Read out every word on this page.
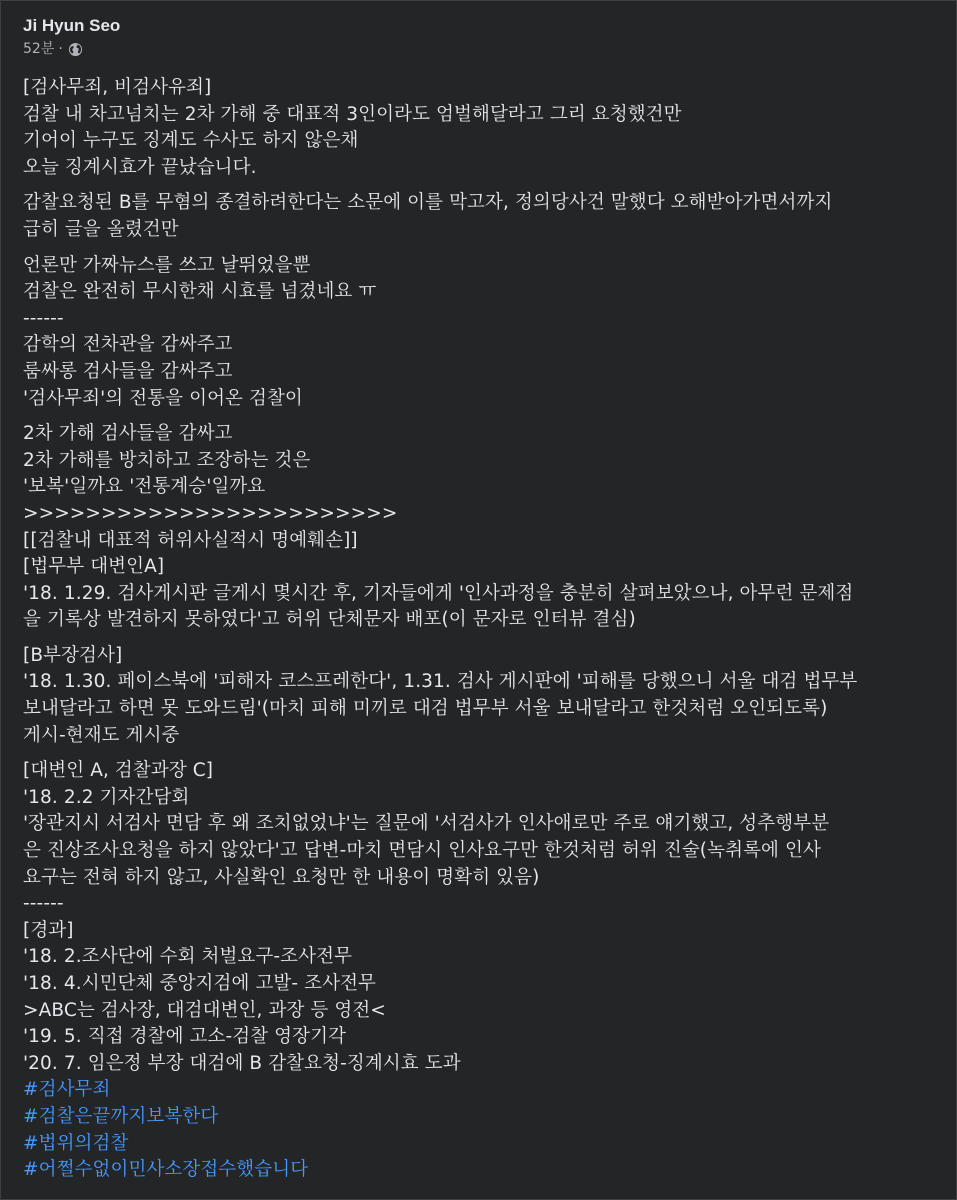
Ji Hyun Seo
52분 ·
[검사무죄, 비검사유죄]
검찰 내 차고넘치는 2차 가해 중 대표적 3인이라도 엄벌해달라고 그리 요청했건만
기어이 누구도 징계도 수사도 하지 않은채
오늘 징계시효가 끝났습니다.
감찰요청된 B를 무혐의 종결하려한다는 소문에 이를 막고자, 정의당사건 말했다 오해받아가면서까지
급히 글을 올렸건만
언론만 가짜뉴스를 쓰고 날뛰었을뿐
검찰은 완전히 무시한채 시효를 넘겼네요 ㅠ
------
감학의 전차관을 감싸주고
룸싸롱 검사들을 감싸주고
'검사무죄'의 전통을 이어온 검찰이
2차 가해 검사들을 감싸고
2차 가해를 방치하고 조장하는 것은
'보복'일까요 '전통계승'일까요
>>>>>>>>>>>>>>>>>>>>>>>>
[[검찰내 대표적 허위사실적시 명예훼손]]
[법무부 대변인A]
'18. 1.29. 검사게시판 글게시 몇시간 후, 기자들에게 '인사과정을 충분히 살펴보았으나, 아무런 문제점
을 기록상 발견하지 못하였다'고 허위 단체문자 배포(이 문자로 인터뷰 결심)
[B부장검사]
'18. 1.30. 페이스북에 '피해자 코스프레한다', 1.31. 검사 게시판에 '피해를 당했으니 서울 대검 법무부
보내달라고 하면 못 도와드림'(마치 피해 미끼로 대검 법무부 서울 보내달라고 한것처럼 오인되도록)
게시-현재도 게시중
[대변인 A, 검찰과장 C]
'18. 2.2 기자간담회
'장관지시 서검사 면담 후 왜 조치없었냐'는 질문에 '서검사가 인사애로만 주로 얘기했고, 성추행부분
은 진상조사요청을 하지 않았다'고 답변-마치 면담시 인사요구만 한것처럼 허위 진술(녹취록에 인사
요구는 전혀 하지 않고, 사실확인 요청만 한 내용이 명확히 있음)
------
[경과]
'18. 2.조사단에 수회 처벌요구-조사전무
'18. 4.시민단체 중앙지검에 고발- 조사전무
>ABC는 검사장, 대검대변인, 과장 등 영전<
'19. 5. 직접 경찰에 고소-검찰 영장기각
'20. 7. 임은정 부장 대검에 B 감찰요청-징계시효 도과
#검사무죄
#검찰은끝까지보복한다
#법위의검찰
#어쩔수없이민사소장접수했습니다
